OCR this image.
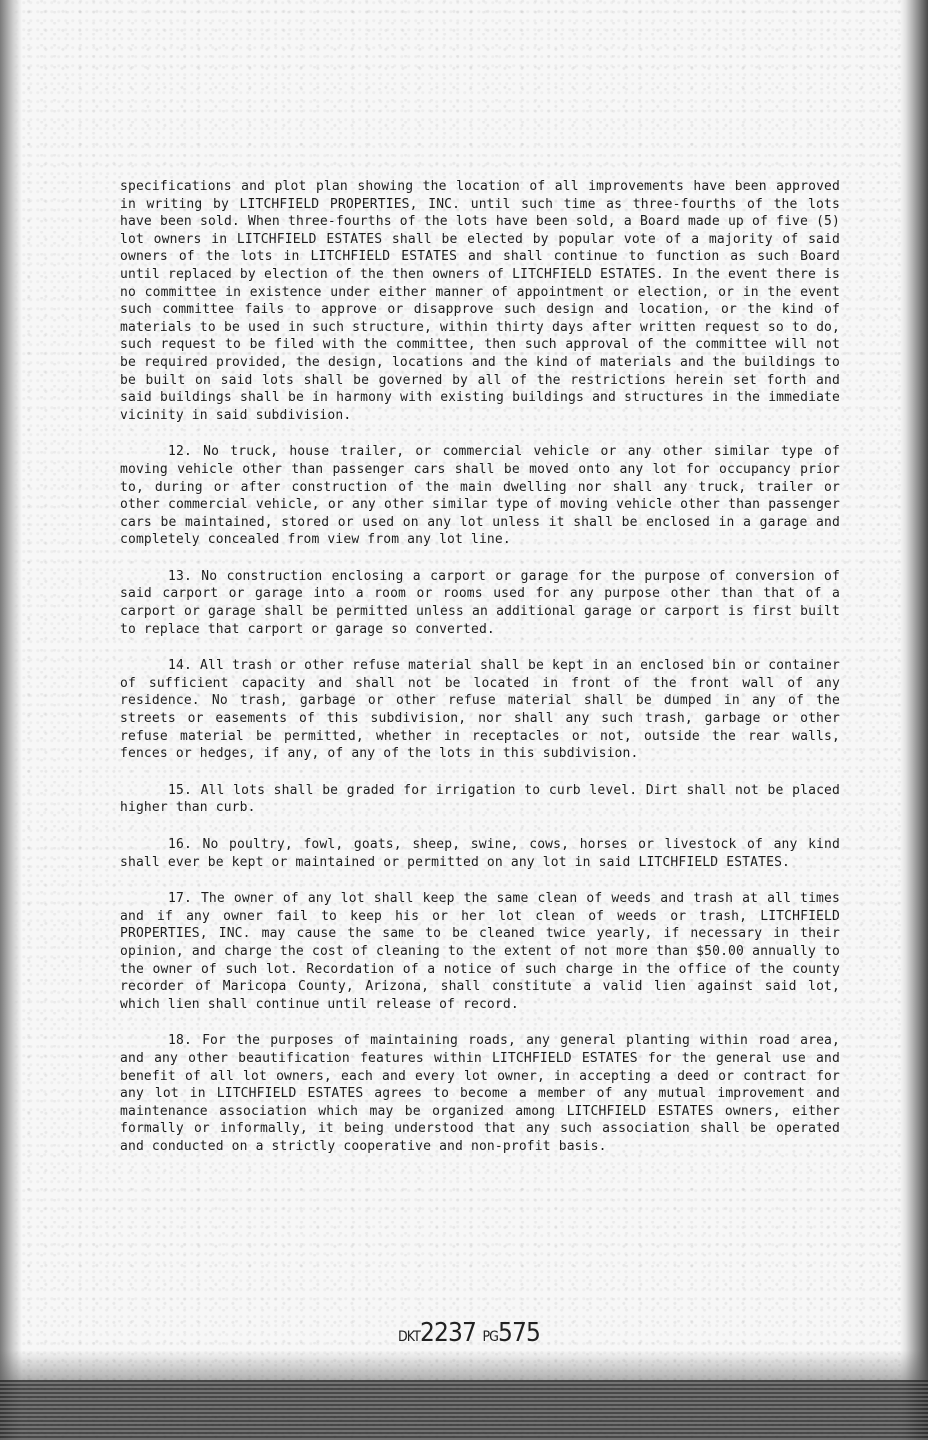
specifications and plot plan showing the location of all improvements have been approved in writing by LITCHFIELD PROPERTIES, INC. until such time as three-fourths of the lots have been sold. When three-fourths of the lots have been sold, a Board made up of five (5) lot owners in LITCHFIELD ESTATES shall be elected by popular vote of a majority of said owners of the lots in LITCHFIELD ESTATES and shall continue to function as such Board until replaced by election of the then owners of LITCHFIELD ESTATES. In the event there is no committee in existence under either manner of appointment or election, or in the event such committee fails to approve or disapprove such design and location, or the kind of materials to be used in such structure, within thirty days after written request so to do, such request to be filed with the committee, then such approval of the committee will not be required provided, the design, locations and the kind of materials and the buildings to be built on said lots shall be governed by all of the restrictions herein set forth and said buildings shall be in harmony with existing buildings and structures in the immediate vicinity in said subdivision.

12. No truck, house trailer, or commercial vehicle or any other similar type of moving vehicle other than passenger cars shall be moved onto any lot for occupancy prior to, during or after construction of the main dwelling nor shall any truck, trailer or other commercial vehicle, or any other similar type of moving vehicle other than passenger cars be maintained, stored or used on any lot unless it shall be enclosed in a garage and completely concealed from view from any lot line.

13. No construction enclosing a carport or garage for the purpose of conversion of said carport or garage into a room or rooms used for any purpose other than that of a carport or garage shall be permitted unless an additional garage or carport is first built to replace that carport or garage so converted.

14. All trash or other refuse material shall be kept in an enclosed bin or container of sufficient capacity and shall not be located in front of the front wall of any residence. No trash, garbage or other refuse material shall be dumped in any of the streets or easements of this subdivision, nor shall any such trash, garbage or other refuse material be permitted, whether in receptacles or not, outside the rear walls, fences or hedges, if any, of any of the lots in this subdivision.

15. All lots shall be graded for irrigation to curb level. Dirt shall not be placed higher than curb.

16. No poultry, fowl, goats, sheep, swine, cows, horses or livestock of any kind shall ever be kept or maintained or permitted on any lot in said LITCHFIELD ESTATES.

17. The owner of any lot shall keep the same clean of weeds and trash at all times and if any owner fail to keep his or her lot clean of weeds or trash, LITCHFIELD PROPERTIES, INC. may cause the same to be cleaned twice yearly, if necessary in their opinion, and charge the cost of cleaning to the extent of not more than $50.00 annually to the owner of such lot. Recordation of a notice of such charge in the office of the county recorder of Maricopa County, Arizona, shall constitute a valid lien against said lot, which lien shall continue until release of record.

18. For the purposes of maintaining roads, any general planting within road area, and any other beautification features within LITCHFIELD ESTATES for the general use and benefit of all lot owners, each and every lot owner, in accepting a deed or contract for any lot in LITCHFIELD ESTATES agrees to become a member of any mutual improvement and maintenance association which may be organized among LITCHFIELD ESTATES owners, either formally or informally, it being understood that any such association shall be operated and conducted on a strictly cooperative and non-profit basis.

DKT2237 PG575
